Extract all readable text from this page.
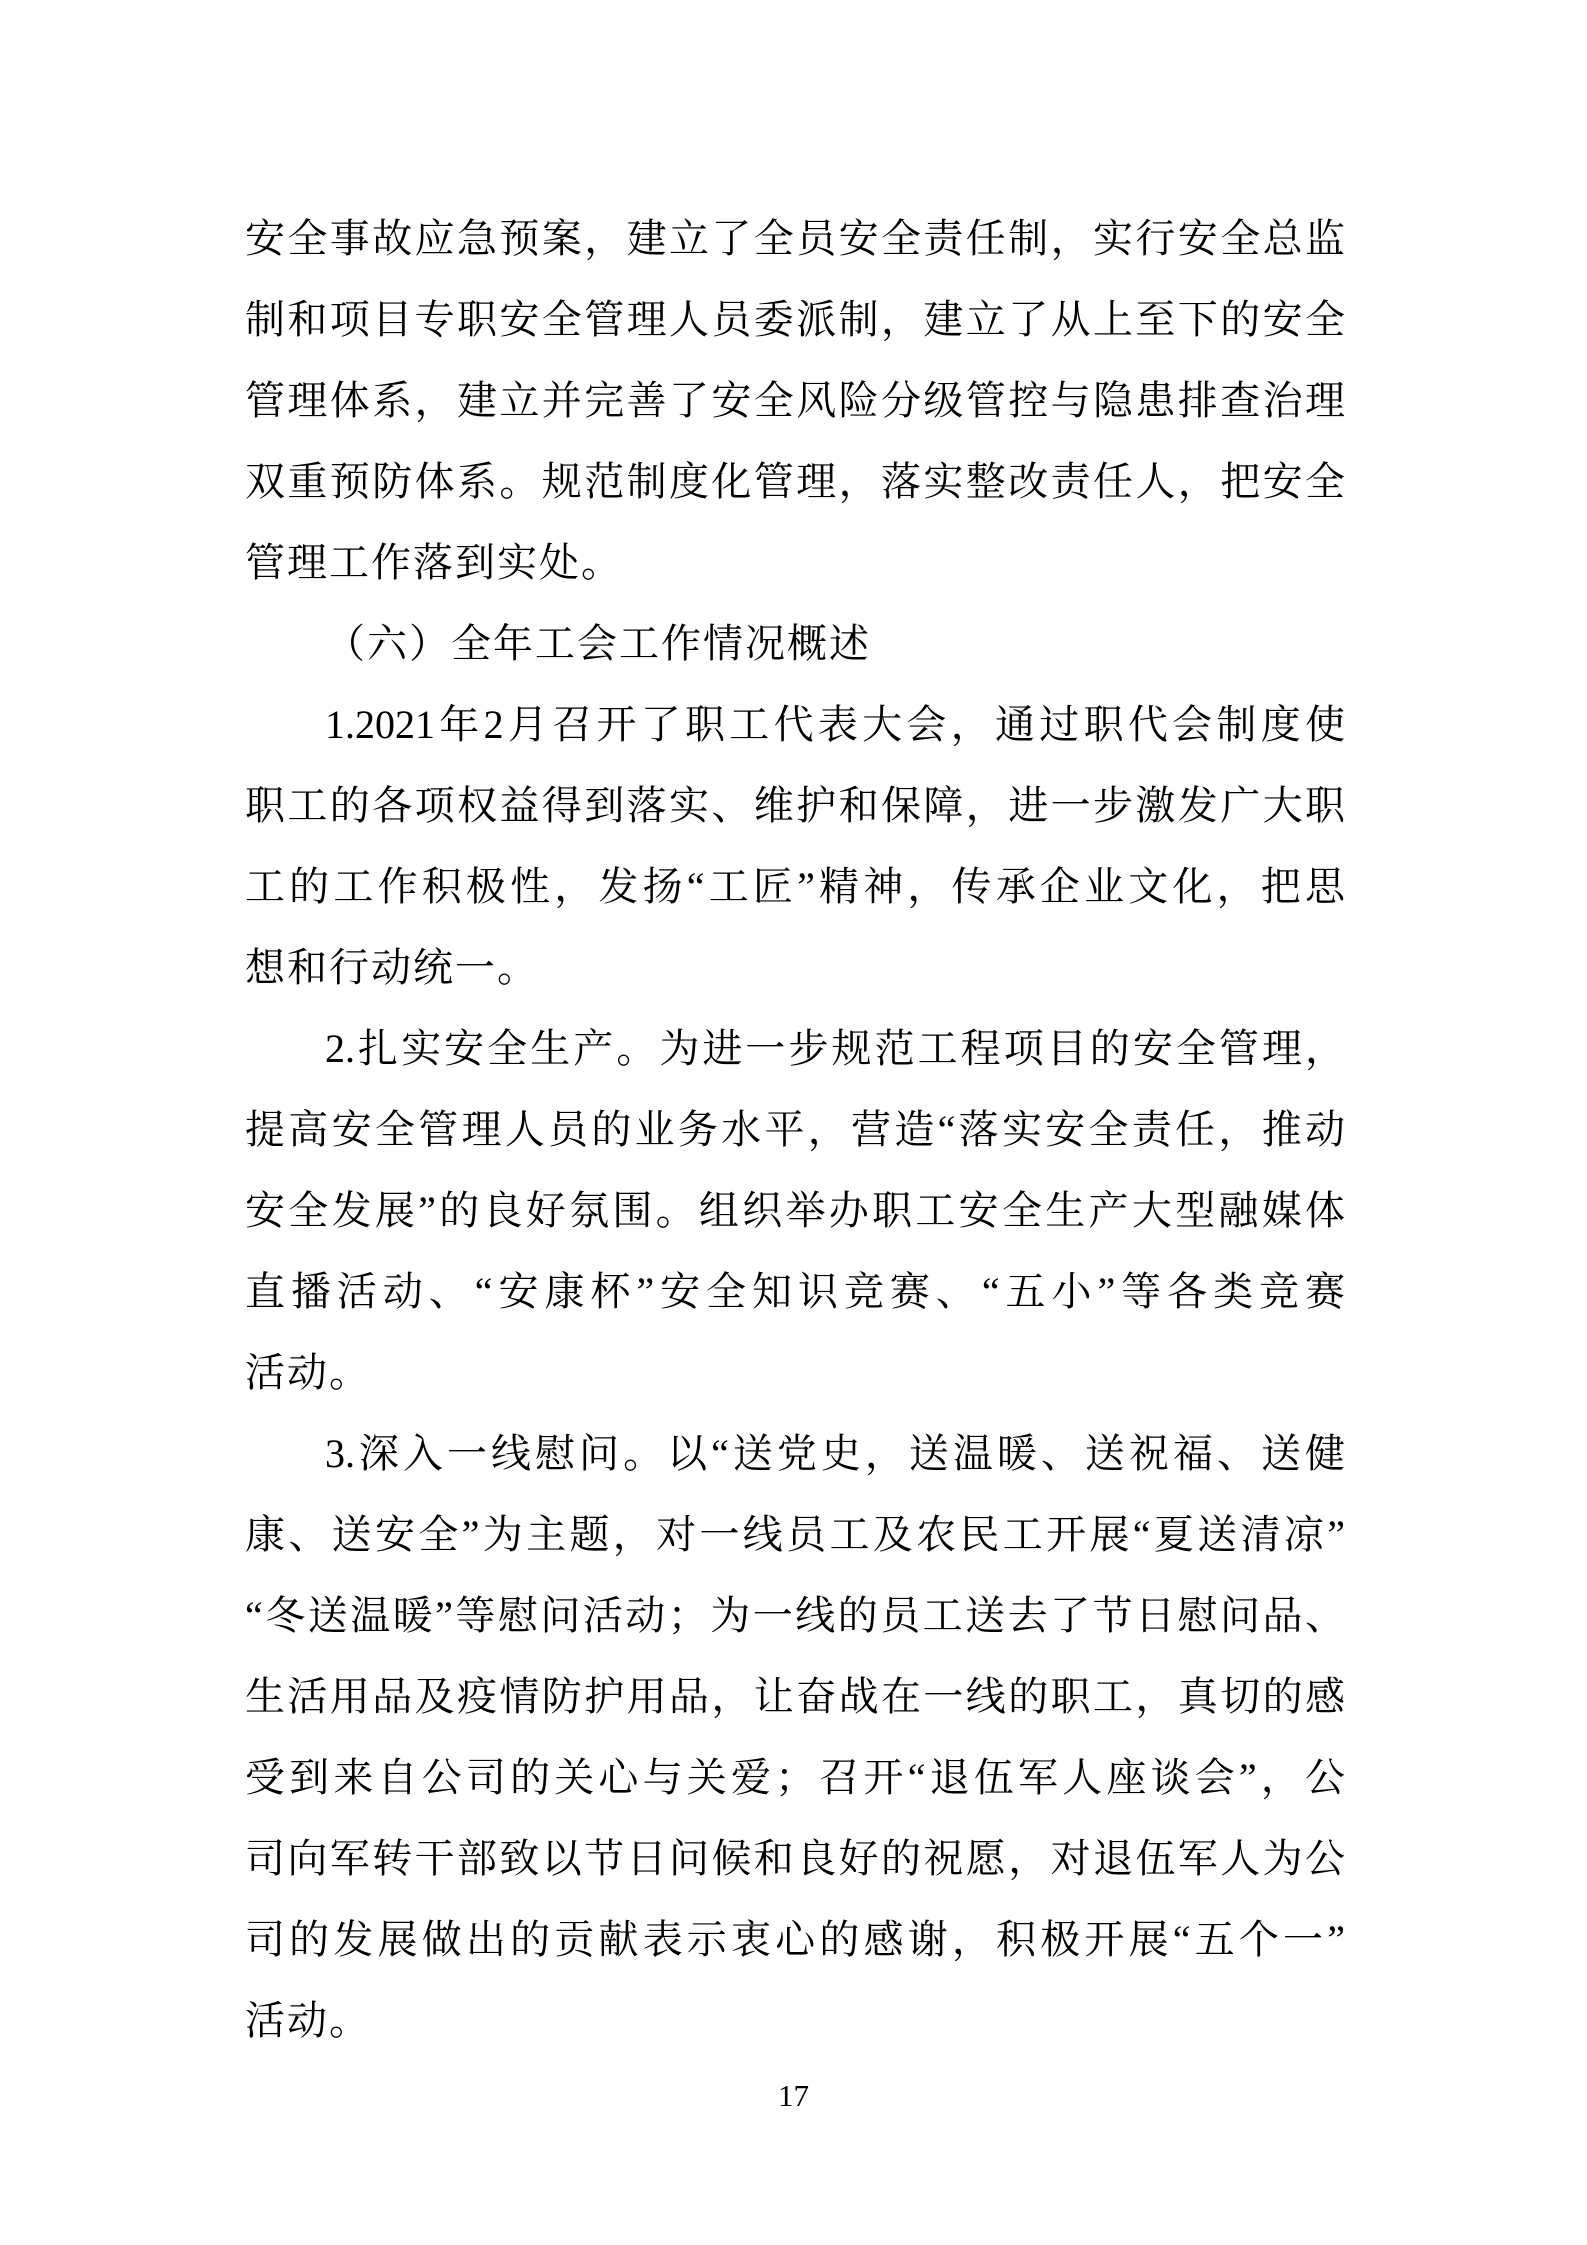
安全事故应急预案，建立了全员安全责任制，实行安全总监
制和项目专职安全管理人员委派制，建立了从上至下的安全
管理体系，建立并完善了安全风险分级管控与隐患排查治理
双重预防体系。规范制度化管理，落实整改责任人，把安全
管理工作落到实处。
（六）全年工会工作情况概述
1.2021年2月召开了职工代表大会，通过职代会制度使
职工的各项权益得到落实、维护和保障，进一步激发广大职
工的工作积极性，发扬“工匠”精神，传承企业文化，把思
想和行动统一。
2.扎实安全生产。为进一步规范工程项目的安全管理，
提高安全管理人员的业务水平，营造“落实安全责任，推动
安全发展”的良好氛围。组织举办职工安全生产大型融媒体
直播活动、“安康杯”安全知识竞赛、“五小”等各类竞赛
活动。
3.深入一线慰问。以“送党史，送温暖、送祝福、送健
康、送安全”为主题，对一线员工及农民工开展“夏送清凉”
“冬送温暖”等慰问活动；为一线的员工送去了节日慰问品、
生活用品及疫情防护用品，让奋战在一线的职工，真切的感
受到来自公司的关心与关爱；召开“退伍军人座谈会”，公
司向军转干部致以节日问候和良好的祝愿，对退伍军人为公
司的发展做出的贡献表示衷心的感谢，积极开展“五个一”
活动。
17
